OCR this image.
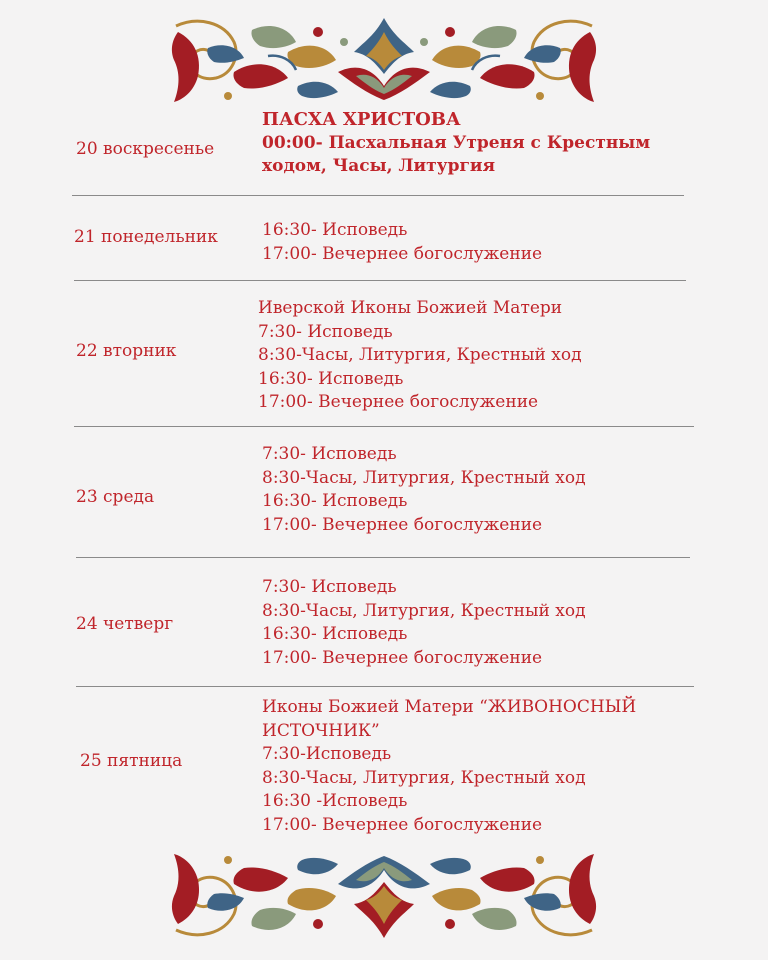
20 воскресенье
ПАСХА ХРИСТОВА
00:00- Пасхальная Утреня с Крестным
ходом, Часы, Литургия
21 понедельник	16:30- Исповедь
17:00- Вечернее богослужение
22 вторник
Иверской Иконы Божией Матери
7:30- Исповедь
8:30-Часы, Литургия, Крестный ход
16:30- Исповедь
17:00- Вечернее богослужение
23 среда
7:30- Исповедь
8:30-Часы, Литургия, Крестный ход
16:30- Исповедь
17:00- Вечернее богослужение
24 четверг
7:30- Исповедь
8:30-Часы, Литургия, Крестный ход
16:30- Исповедь
17:00- Вечернее богослужение
25 пятница
Иконы Божией Матери “ЖИВОНОСНЫЙ
ИСТОЧНИК”
7:30-Исповедь
8:30-Часы, Литургия, Крестный ход
16:30 -Исповедь
17:00- Вечернее богослужение
